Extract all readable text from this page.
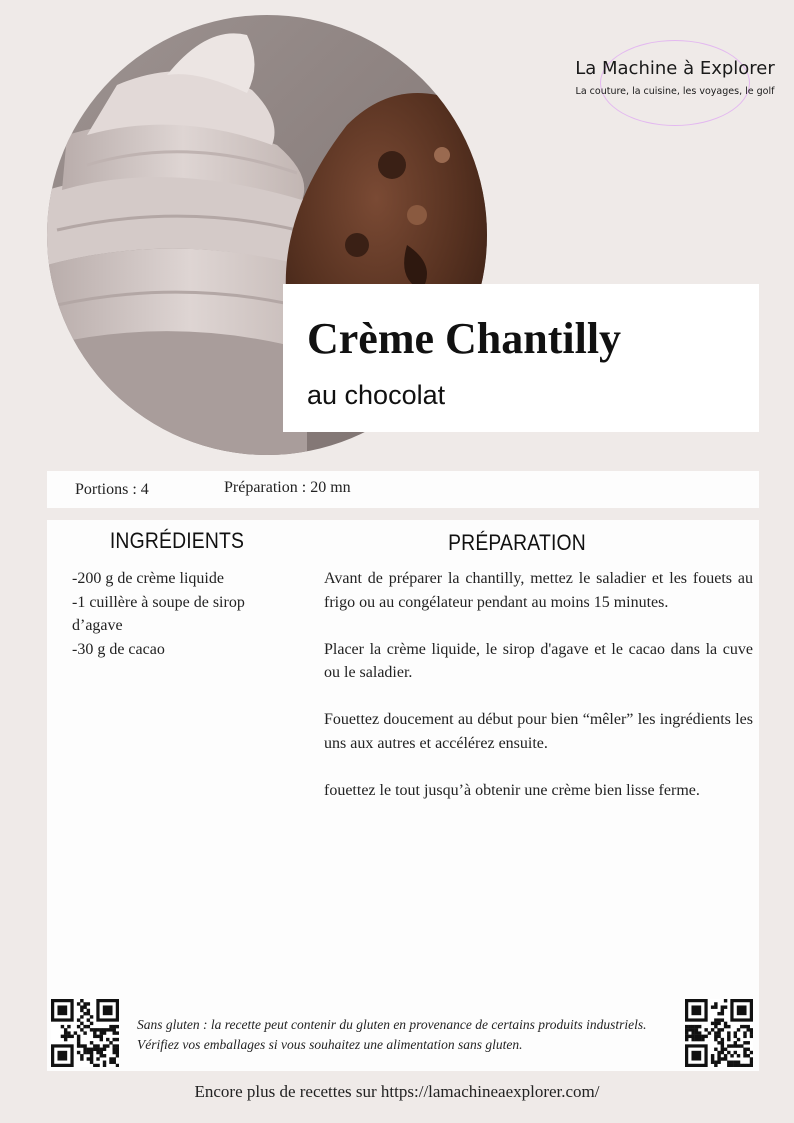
La Machine à Explorer
La couture, la cuisine, les voyages, le golf
Crème Chantilly
au chocolat
Portions : 4	Préparation : 20 mn
INGRÉDIENTS	PRÉPARATION
-200 g de crème liquide
-1 cuillère à soupe de sirop d’agave
-30 g de cacao

Avant de préparer la chantilly, mettez le saladier et les fouets au frigo ou au congélateur pendant au moins 15 minutes.

Placer la crème liquide, le sirop d'agave et le cacao dans la cuve ou le saladier.

Fouettez doucement au début pour bien “mêler” les ingrédients les uns aux autres et accélérez ensuite.

fouettez le tout jusqu’à obtenir une crème bien lisse ferme.

Sans gluten : la recette peut contenir du gluten en provenance de certains produits industriels. Vérifiez vos emballages si vous souhaitez une alimentation sans gluten.
Encore plus de recettes sur https://lamachineaexplorer.com/
